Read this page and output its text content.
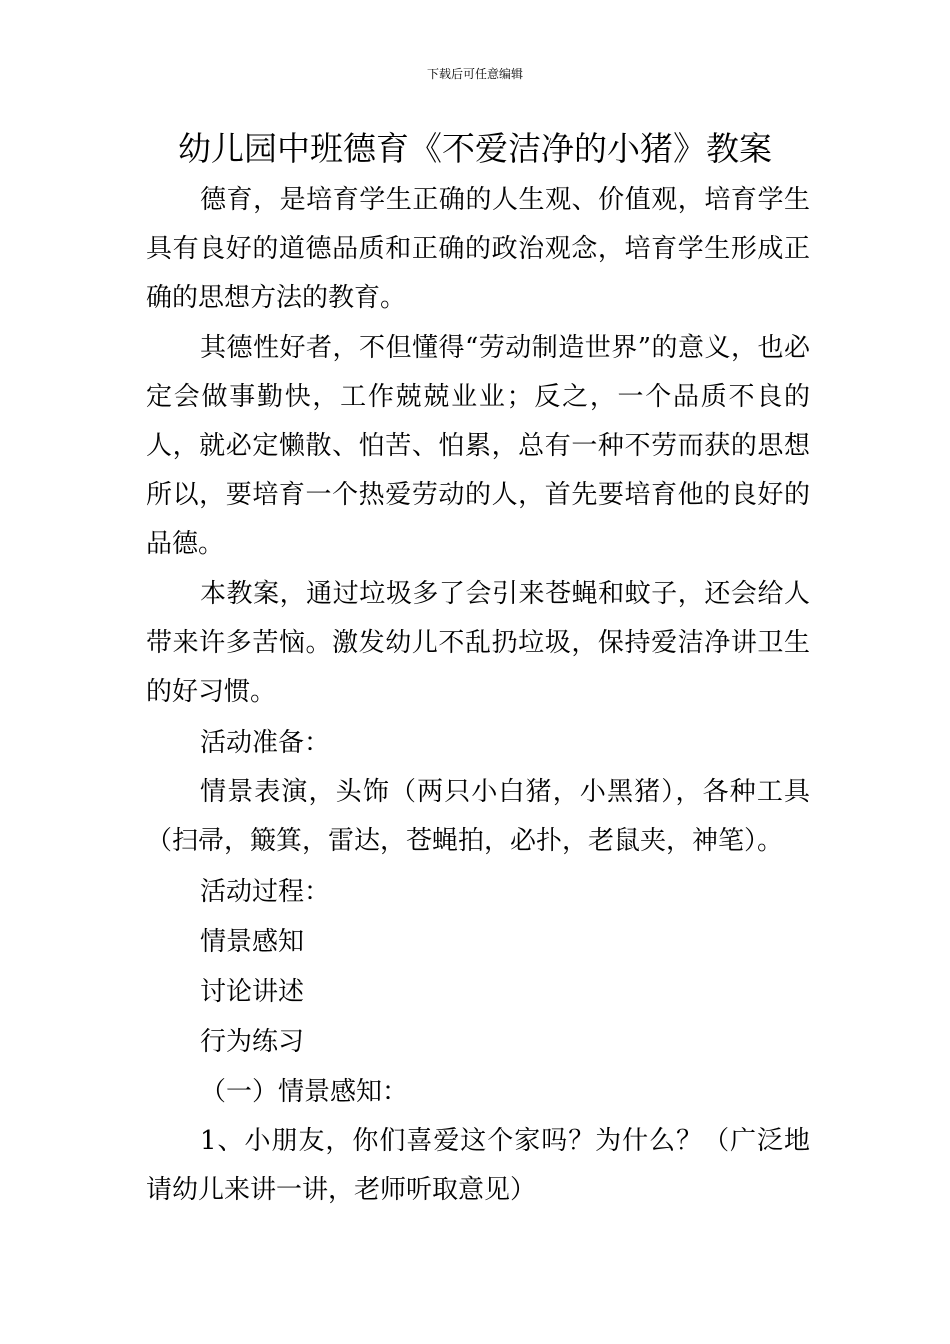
下载后可任意编辑
幼儿园中班德育《不爱洁净的小猪》教案

德育，是培育学生正确的人生观、价值观，培育学生具有良好的道德品质和正确的政治观念，培育学生形成正确的思想方法的教育。

其德性好者，不但懂得“劳动制造世界”的意义，也必定会做事勤快，工作兢兢业业；反之，一个品质不良的人，就必定懒散、怕苦、怕累，总有一种不劳而获的思想所以，要培育一个热爱劳动的人，首先要培育他的良好的品德。

本教案，通过垃圾多了会引来苍蝇和蚊子，还会给人带来许多苦恼。激发幼儿不乱扔垃圾，保持爱洁净讲卫生的好习惯。

活动准备：

情景表演，头饰（两只小白猪，小黑猪），各种工具（扫帚，簸箕，雷达，苍蝇拍，必扑，老鼠夹，神笔）。

活动过程：

情景感知

讨论讲述

行为练习

（一）情景感知：

1、小朋友，你们喜爱这个家吗？为什么？（广泛地请幼儿来讲一讲，老师听取意见）
